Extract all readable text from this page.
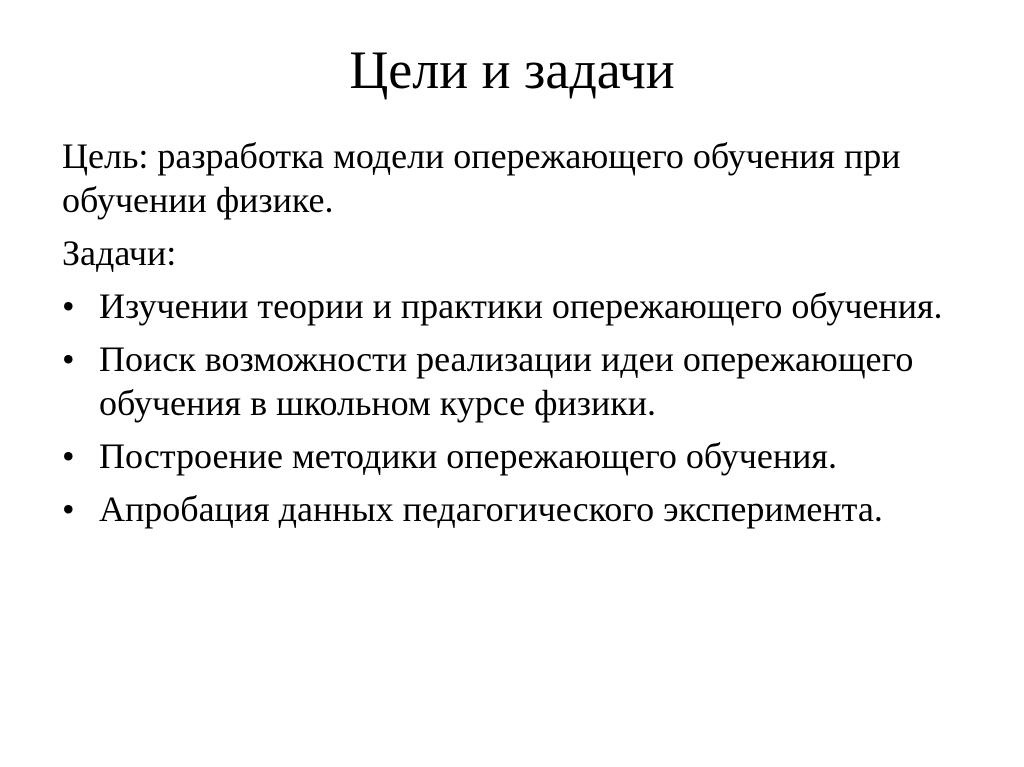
Цели и задачи

Цель: разработка модели опережающего обучения при обучении физике.

Задачи:

• Изучении теории и практики опережающего обучения.
• Поиск возможности реализации идеи опережающего обучения в школьном курсе физики.
• Построение методики опережающего обучения.
• Апробация данных педагогического эксперимента.
